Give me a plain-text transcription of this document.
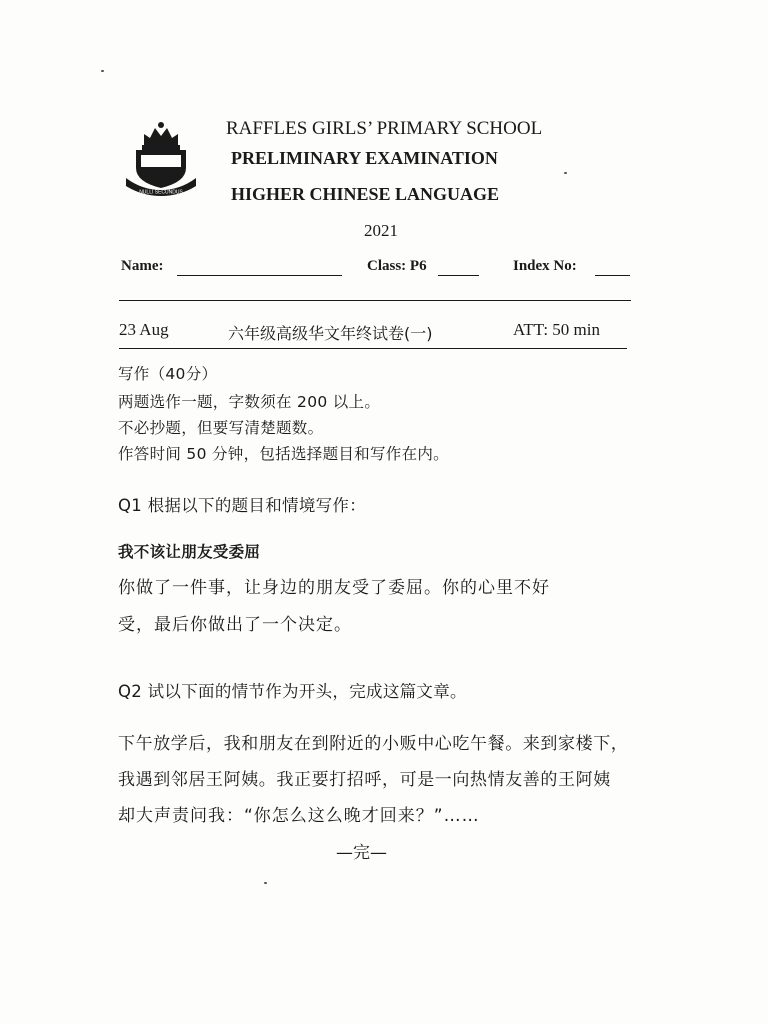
NULLI SECUNDUS
RAFFLES GIRLS’ PRIMARY SCHOOL
PRELIMINARY EXAMINATION
HIGHER CHINESE LANGUAGE
2021
Name:	Class: P6	Index No:
23 Aug	六年级高级华文年终试卷(一)	ATT: 50 min
写作（40分）
两题选作一题，字数须在 200 以上。
不必抄题，但要写清楚题数。
作答时间 50 分钟，包括选择题目和写作在内。
Q1 根据以下的题目和情境写作：
我不该让朋友受委屈
你做了一件事，让身边的朋友受了委屈。你的心里不好
受，最后你做出了一个决定。
Q2 试以下面的情节作为开头，完成这篇文章。
下午放学后，我和朋友在到附近的小贩中心吃午餐。来到家楼下，
我遇到邻居王阿姨。我正要打招呼，可是一向热情友善的王阿姨
却大声责问我：“你怎么这么晚才回来？”……
—完—
